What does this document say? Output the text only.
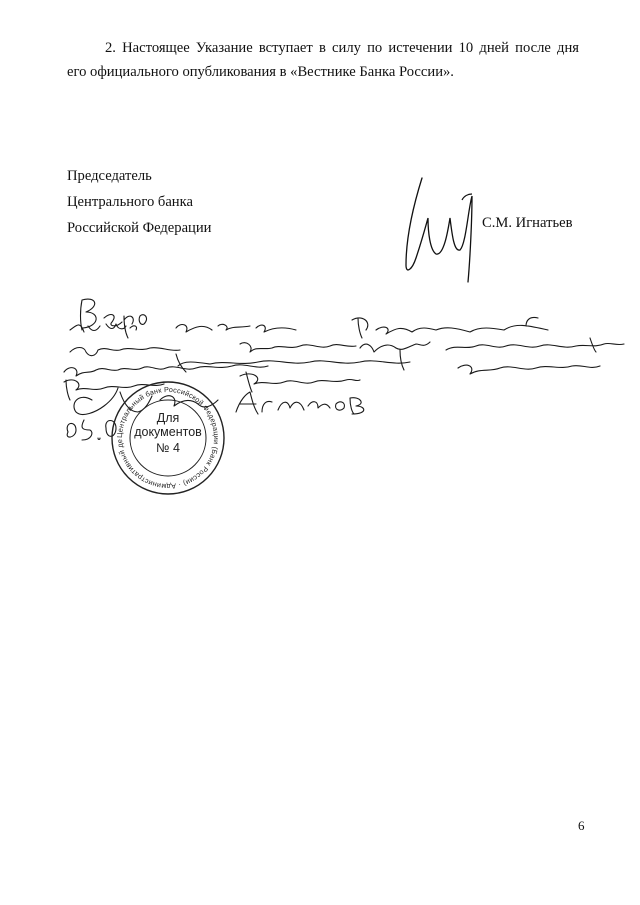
2. Настоящее Указание вступает в силу по истечении 10 дней после дня
его официального опубликования в «Вестнике Банка России».
Председатель
Центрального банка
Российской Федерации	С.М. Игнатьев
Центральный банк Российской Федерации (Банк России) · Административный де
Для
документов
№ 4
6
